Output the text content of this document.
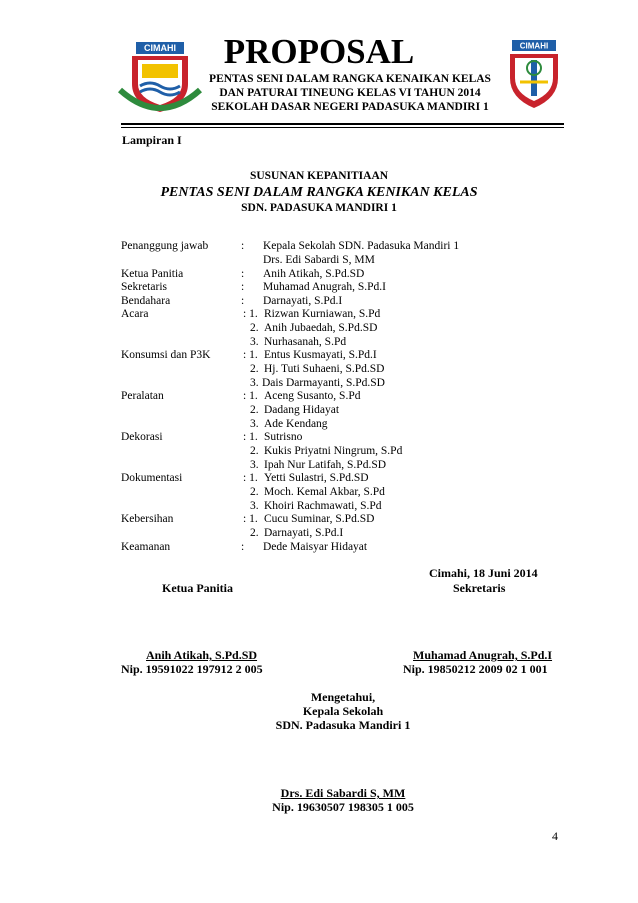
CIMAHI	CIMAHI
PROPOSAL
PENTAS SENI DALAM RANGKA KENAIKAN KELAS
DAN PATURAI TINEUNG KELAS VI TAHUN 2014
SEKOLAH DASAR NEGERI PADASUKA MANDIRI 1
Lampiran I
SUSUNAN KEPANITIAAN
PENTAS SENI DALAM RANGKA KENIKAN KELAS
SDN. PADASUKA MANDIRI 1
Penanggung jawab	: Kepala Sekolah SDN. Padasuka Mandiri 1
Drs. Edi Sabardi S, MM
Ketua Panitia	: Anih Atikah, S.Pd.SD
Sekretaris	: Muhamad Anugrah, S.Pd.I
Bendahara	: Darnayati, S.Pd.I
Acara	: 1. Rizwan Kurniawan, S.Pd
2. Anih Jubaedah, S.Pd.SD
3. Nurhasanah, S.Pd
Konsumsi dan P3K	: 1. Entus Kusmayati, S.Pd.I
2. Hj. Tuti Suhaeni, S.Pd.SD
3. Dais Darmayanti, S.Pd.SD
Peralatan	: 1. Aceng Susanto, S.Pd
2. Dadang Hidayat
3. Ade Kendang
Dekorasi	: 1. Sutrisno
2. Kukis Priyatni Ningrum, S.Pd
3. Ipah Nur Latifah, S.Pd.SD
Dokumentasi	: 1. Yetti Sulastri, S.Pd.SD
2. Moch. Kemal Akbar, S.Pd
3. Khoiri Rachmawati, S.Pd
Kebersihan	: 1. Cucu Suminar, S.Pd.SD
2. Darnayati, S.Pd.I
Keamanan	: Dede Maisyar Hidayat
Cimahi, 18 Juni 2014
Ketua Panitia	Sekretaris
Anih Atikah, S.Pd.SD
Nip. 19591022 197912 2 005
Muhamad Anugrah, S.Pd.I
Nip. 19850212 2009 02 1 001
Mengetahui,
Kepala Sekolah
SDN. Padasuka Mandiri 1
Drs. Edi Sabardi S, MM
Nip. 19630507 198305 1 005
4
